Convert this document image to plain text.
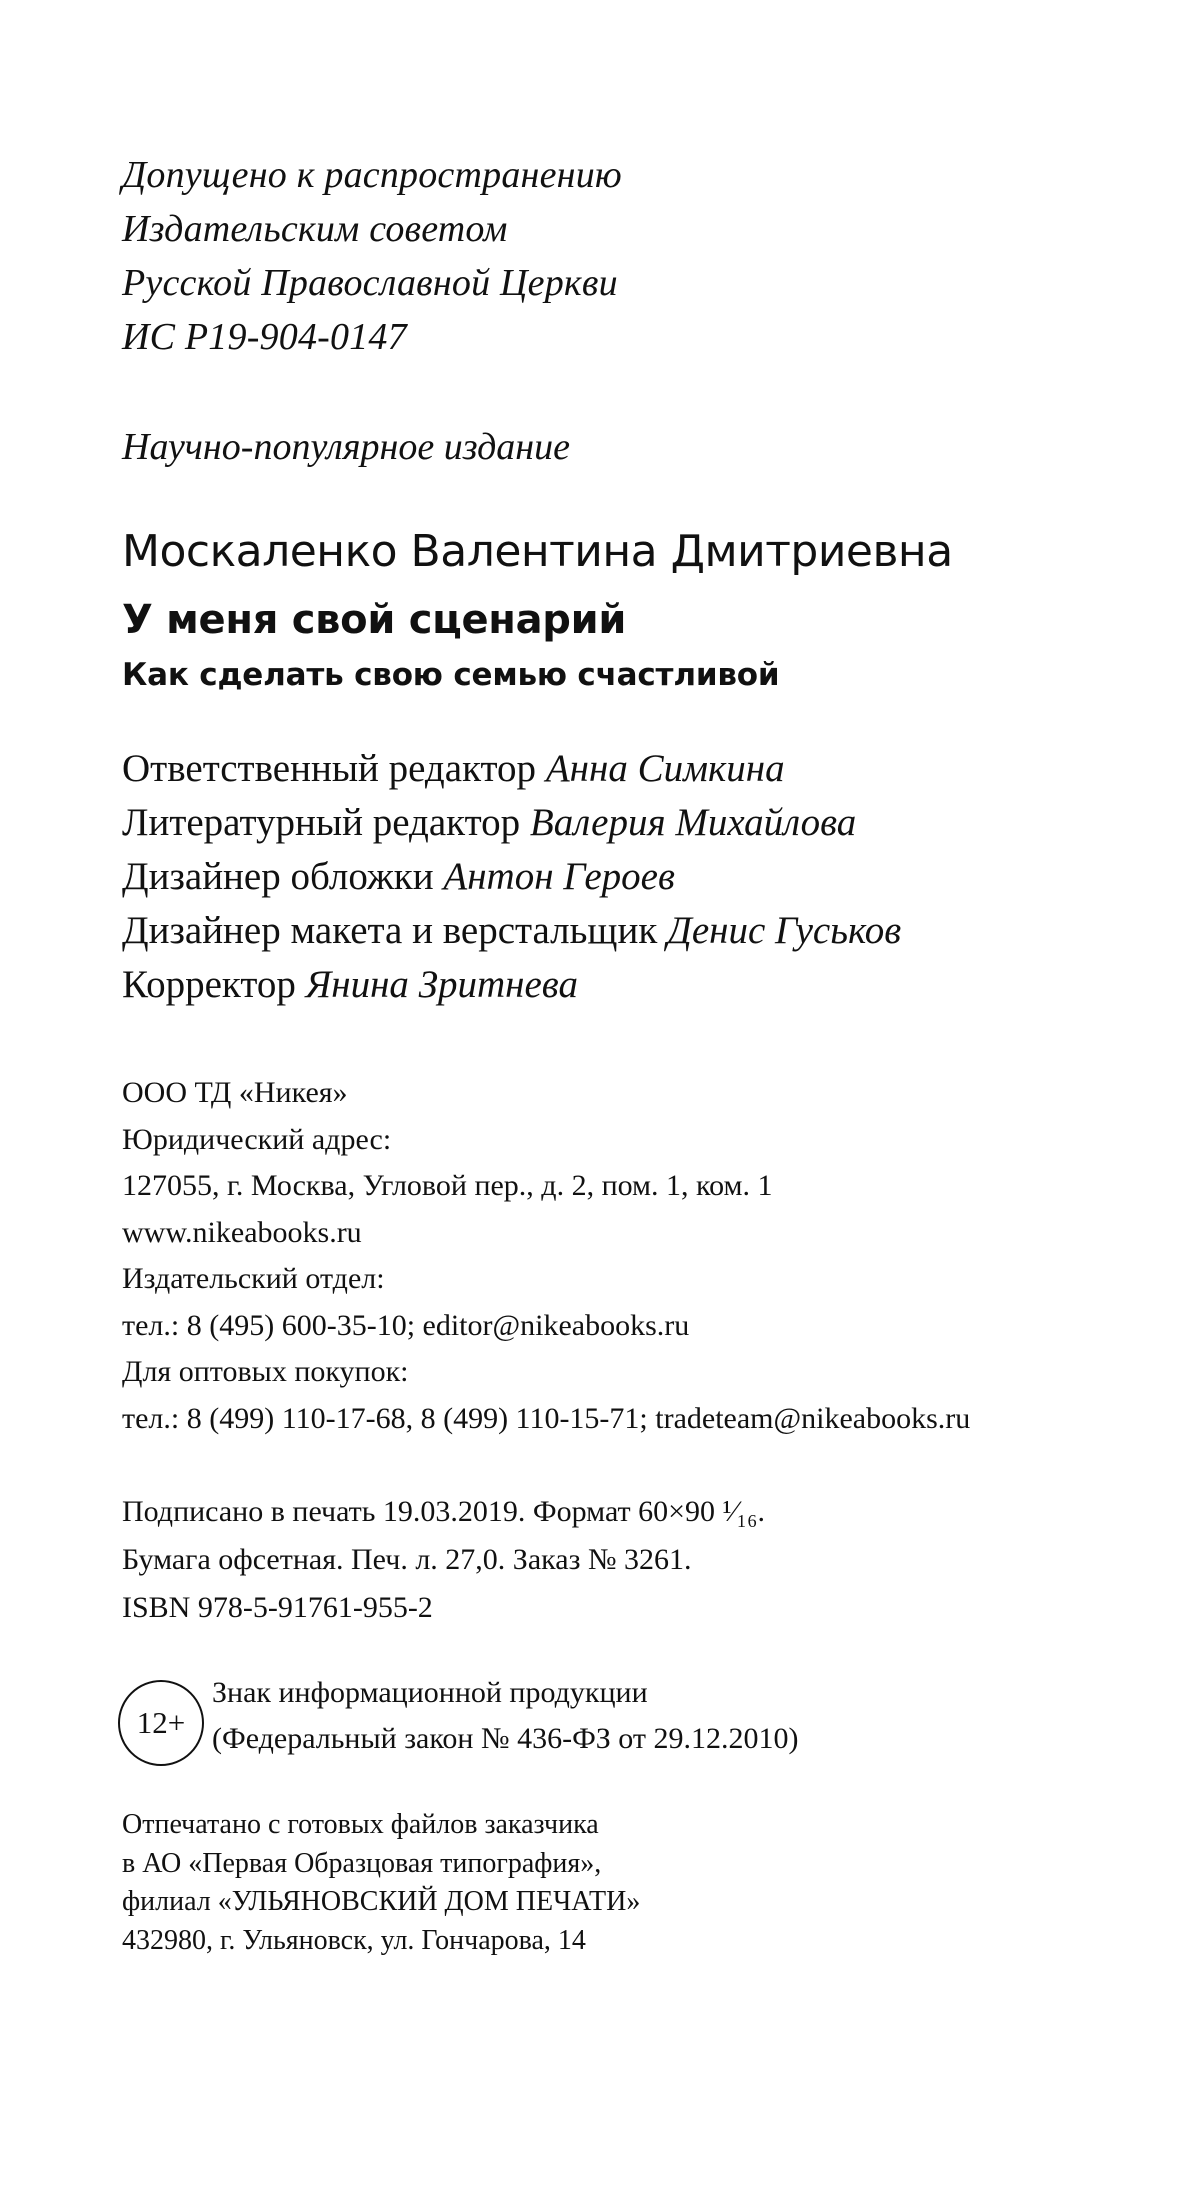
Допущено к распространению
Издательским советом
Русской Православной Церкви
ИС Р19-904-0147
Научно-популярное издание
Москаленко Валентина Дмитриевна
У меня свой сценарий
Как сделать свою семью счастливой
Ответственный редактор Анна Симкина
Литературный редактор Валерия Михайлова
Дизайнер обложки Антон Героев
Дизайнер макета и верстальщик Денис Гуськов
Корректор Янина Зритнева
ООО ТД «Никея»
Юридический адрес:
127055, г. Москва, Угловой пер., д. 2, пом. 1, ком. 1
www.nikeabooks.ru
Издательский отдел:
тел.: 8 (495) 600-35-10; editor@nikeabooks.ru
Для оптовых покупок:
тел.: 8 (499) 110-17-68, 8 (499) 110-15-71; tradeteam@nikeabooks.ru
Подписано в печать 19.03.2019. Формат 60×90 ¹⁄₁₆.
Бумага офсетная. Печ. л. 27,0. Заказ № 3261.
ISBN 978-5-91761-955-2
12+
Знак информационной продукции
(Федеральный закон № 436-ФЗ от 29.12.2010)
Отпечатано с готовых файлов заказчика
в АО «Первая Образцовая типография»,
филиал «УЛЬЯНОВСКИЙ ДОМ ПЕЧАТИ»
432980, г. Ульяновск, ул. Гончарова, 14
